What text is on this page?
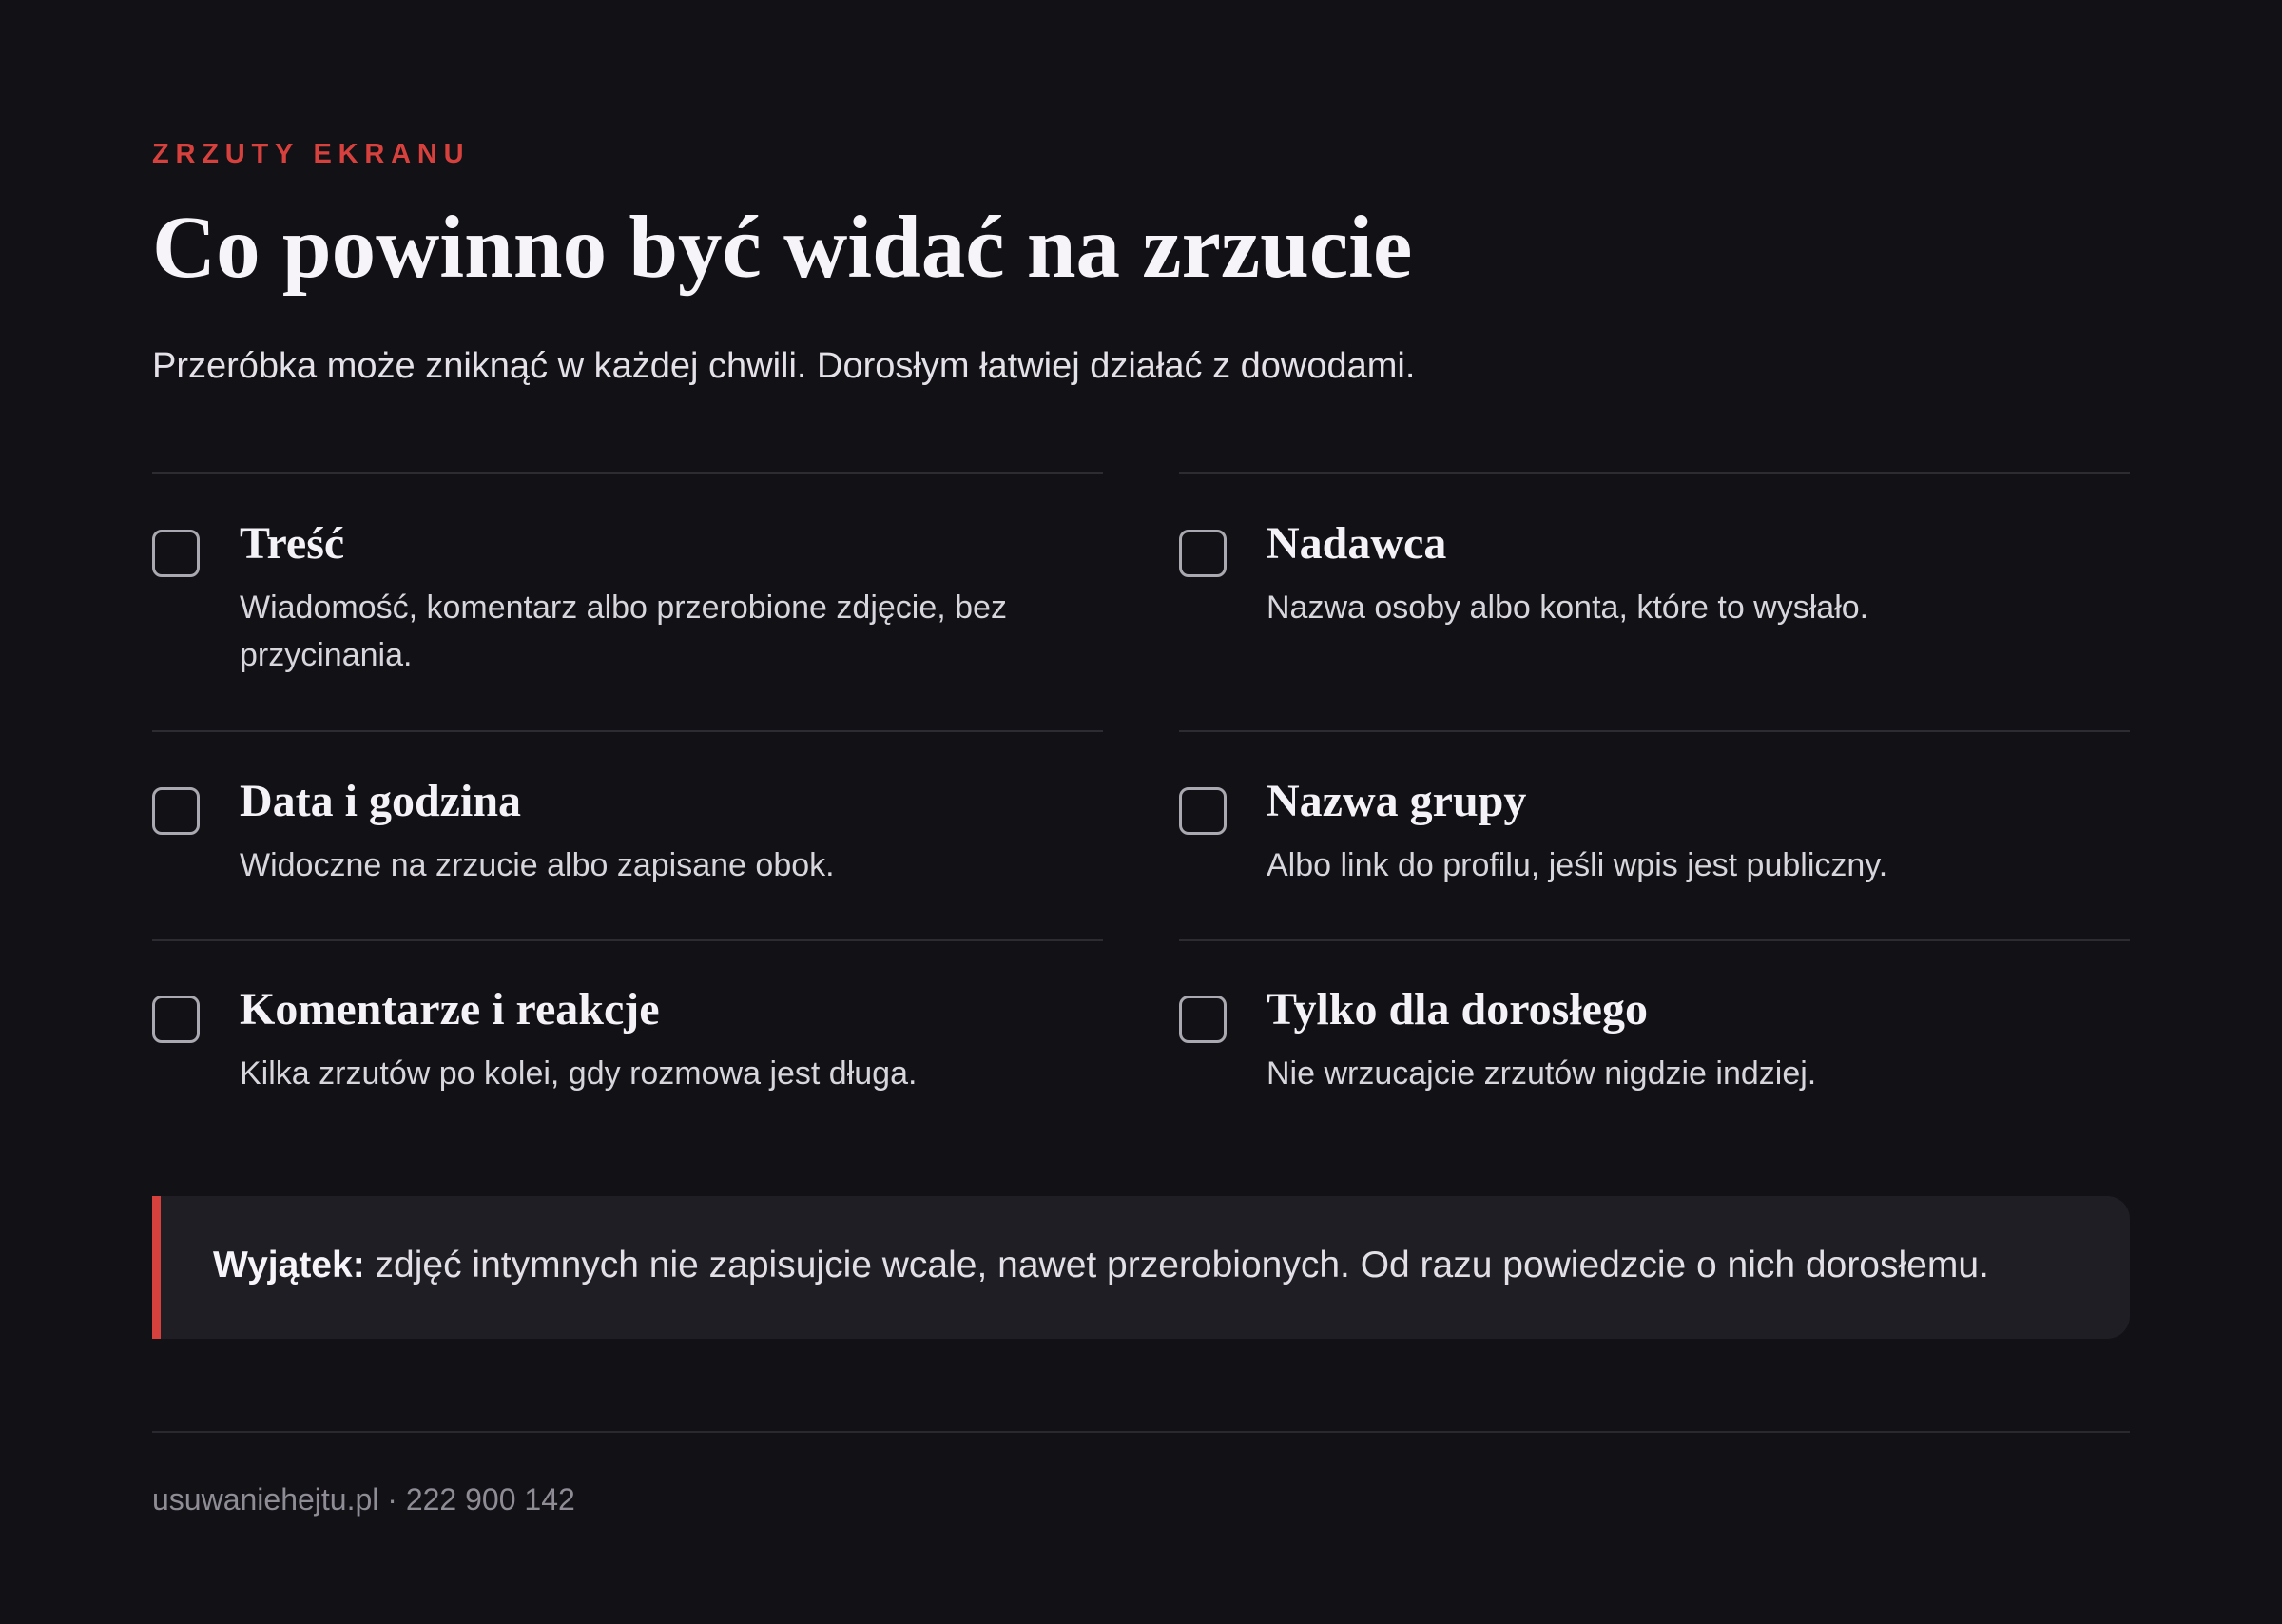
ZRZUTY EKRANU
Co powinno być widać na zrzucie
Przeróbka może zniknąć w każdej chwili. Dorosłym łatwiej działać z dowodami.
Treść
Wiadomość, komentarz albo przerobione zdjęcie, bez przycinania.
Data i godzina
Widoczne na zrzucie albo zapisane obok.
Komentarze i reakcje
Kilka zrzutów po kolei, gdy rozmowa jest długa.
Nadawca
Nazwa osoby albo konta, które to wysłało.
Nazwa grupy
Albo link do profilu, jeśli wpis jest publiczny.
Tylko dla dorosłego
Nie wrzucajcie zrzutów nigdzie indziej.
Wyjątek: zdjęć intymnych nie zapisujcie wcale, nawet przerobionych. Od razu powiedzcie o nich dorosłemu.
usuwaniehejtu.pl · 222 900 142
